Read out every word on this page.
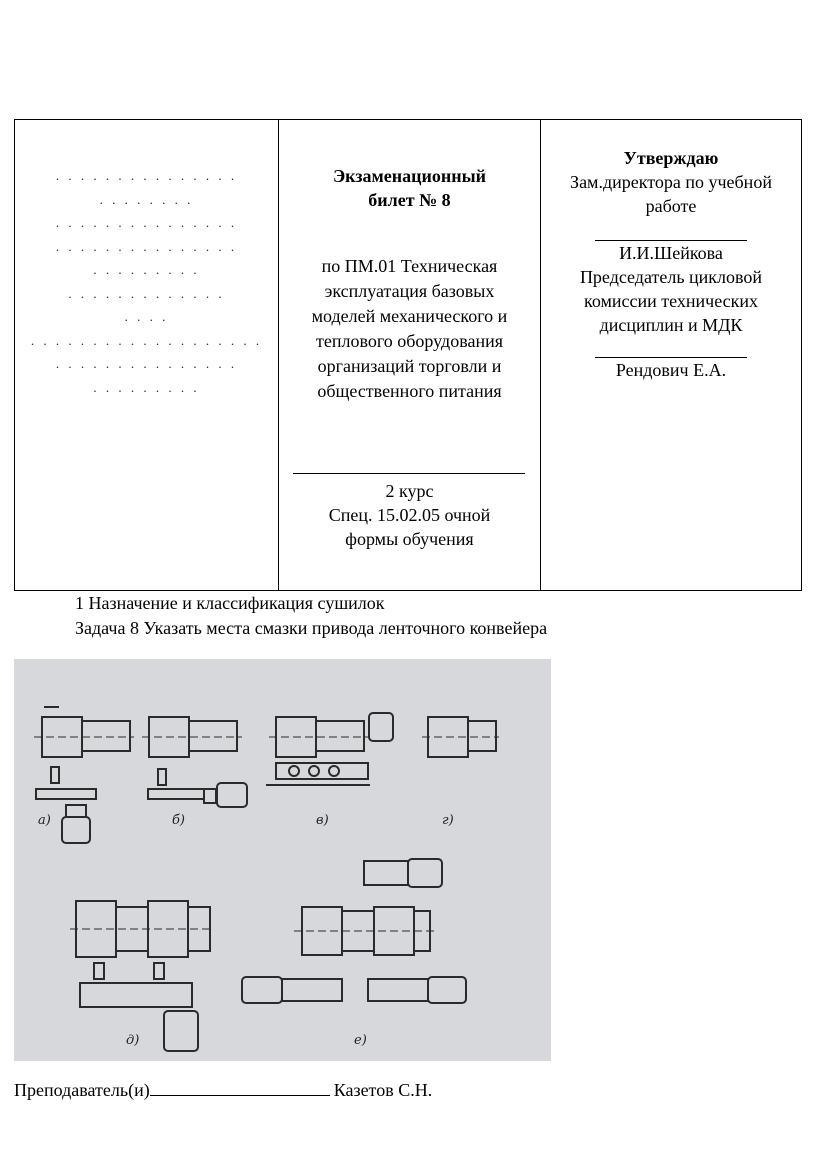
. . . . . . . . . . . . . . .
. . . . . . . .
. . . . . . . . . . . . . . .
. . . . . . . . . . . . . . .
. . . . . . . . .
. . . . . . . . . . . . .
. . . .
. . . . . . . . . . . . . . . . . . .
. . . . . . . . . . . . . . .
. . . . . . . . .
Экзаменационный
билет № 8
по ПМ.01 Техническая
эксплуатация базовых
моделей механического и
теплового оборудования
организаций торговли и
общественного питания
2 курс
Спец. 15.02.05 очной
формы обучения
Утверждаю
Зам.директора по учебной
работе
И.И.Шейкова
Председатель цикловой
комиссии технических
дисциплин и МДК
Рендович Е.А.
1 Назначение и классификация сушилок
Задача 8 Указать места смазки привода ленточного конвейера
а)	б)	в)	г)
д)	е)
Преподаватель(и)	Казетов С.Н.
